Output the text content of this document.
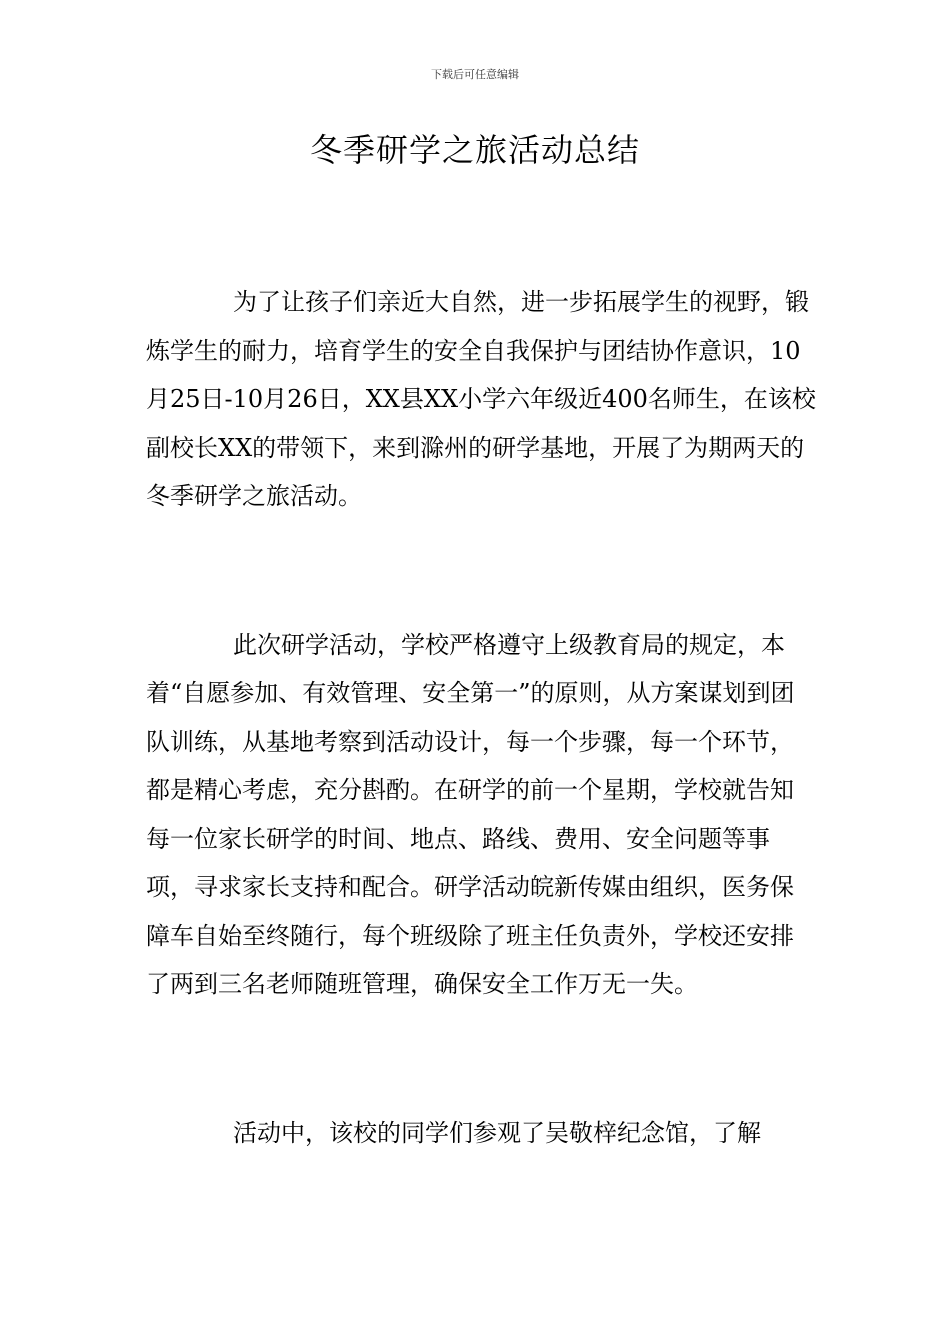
下载后可任意编辑
冬季研学之旅活动总结

为了让孩子们亲近大自然，进一步拓展学生的视野，锻炼学生的耐力，培育学生的安全自我保护与团结协作意识，10月25日-10月26日，XX县XX小学六年级近400名师生，在该校副校长XX的带领下，来到滁州的研学基地，开展了为期两天的冬季研学之旅活动。

此次研学活动，学校严格遵守上级教育局的规定，本着“自愿参加、有效管理、安全第一”的原则，从方案谋划到团队训练，从基地考察到活动设计，每一个步骤，每一个环节，都是精心考虑，充分斟酌。在研学的前一个星期，学校就告知每一位家长研学的时间、地点、路线、费用、安全问题等事项，寻求家长支持和配合。研学活动皖新传媒由组织，医务保障车自始至终随行，每个班级除了班主任负责外，学校还安排了两到三名老师随班管理，确保安全工作万无一失。

活动中，该校的同学们参观了吴敬梓纪念馆，了解
